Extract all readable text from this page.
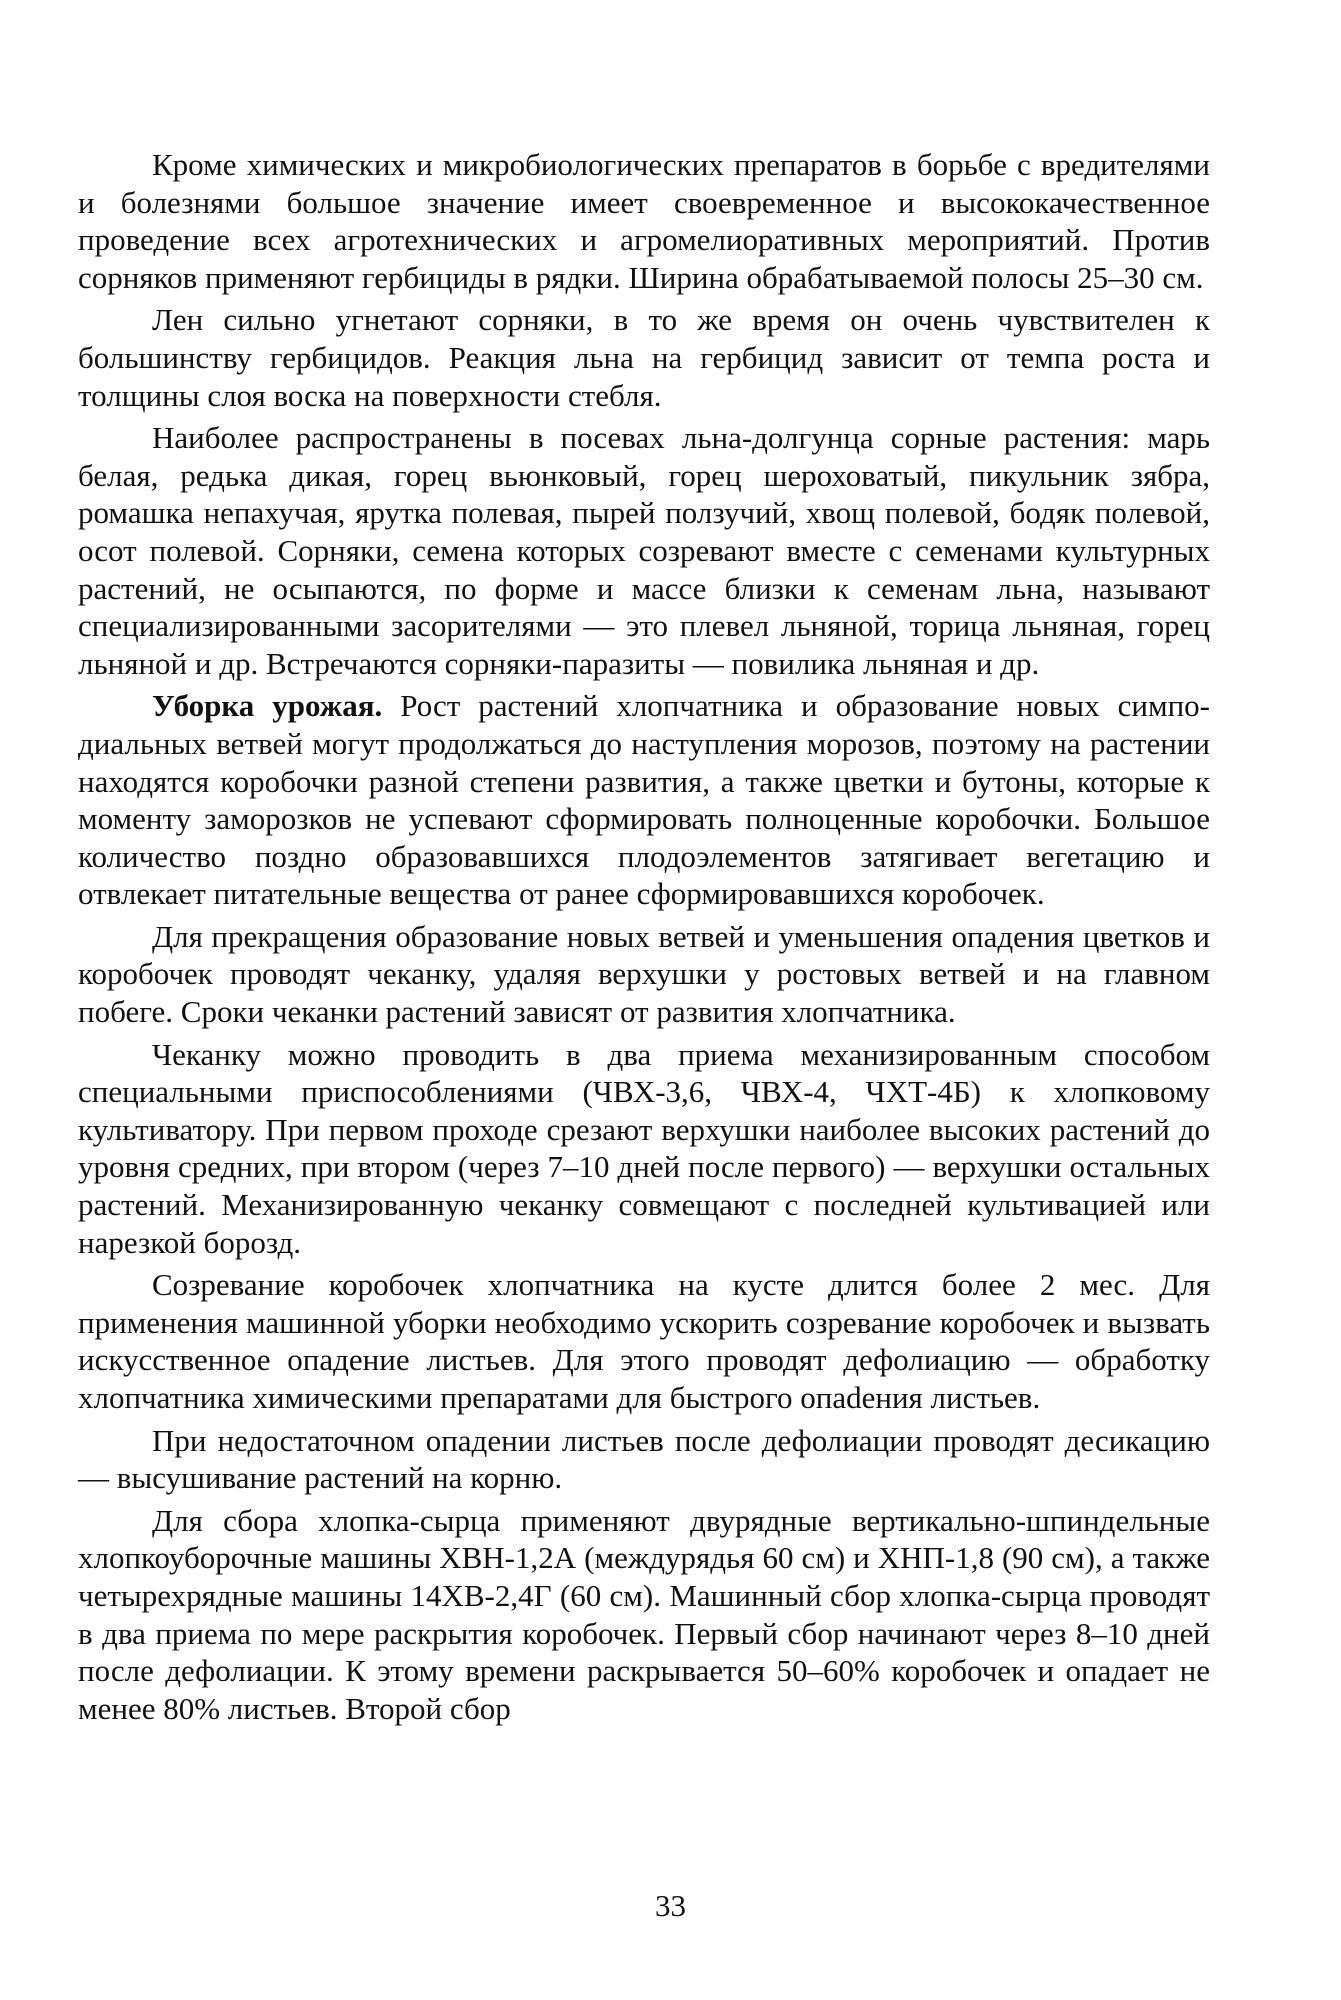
Кроме химических и микробиологических препаратов в борьбе с вредителями и болезнями большое значение имеет своевременное и высококачественное проведение всех агротехнических и агромелиоративных мероприятий. Против сорняков применяют гербициды в рядки. Ширина обрабатываемой полосы 25–30 см.

Лен сильно угнетают сорняки, в то же время он очень чувствителен к большинству гербицидов. Реакция льна на гербицид зависит от темпа роста и толщины слоя воска на поверхности стебля.

Наиболее распространены в посевах льна-долгунца сорные растения: марь белая, редька дикая, горец вьюнковый, горец шероховатый, пикульник зябра, ромашка непахучая, ярутка полевая, пырей ползучий, хвощ полевой, бодяк полевой, осот полевой. Сорняки, семена которых созревают вместе с семенами культурных растений, не осыпаются, по форме и массе близки к семенам льна, называют специализированными засорителями — это плевел льняной, торица льняная, горец льняной и др. Встречаются сорняки-паразиты — повилика льняная и др.

Уборка урожая. Рост растений хлопчатника и образование новых симподиальных ветвей могут продолжаться до наступления морозов, поэтому на растении находятся коробочки разной степени развития, а также цветки и бутоны, которые к моменту заморозков не успевают сформировать полноценные коробочки. Большое количество поздно образовавшихся плодоэлементов затягивает вегетацию и отвлекает питательные вещества от ранее сформировавшихся коробочек.

Для прекращения образование новых ветвей и уменьшения опадения цветков и коробочек проводят чеканку, удаляя верхушки у ростовых ветвей и на главном побеге. Сроки чеканки растений зависят от развития хлопчатника.

Чеканку можно проводить в два приема механизированным способом специальными приспособлениями (ЧВХ-3,6, ЧВХ-4, ЧХТ-4Б) к хлопковому культиватору. При первом проходе срезают верхушки наиболее высоких растений до уровня средних, при втором (через 7–10 дней после первого) — верхушки остальных растений. Механизированную чеканку совмещают с последней культивацией или нарезкой борозд.

Созревание коробочек хлопчатника на кусте длится более 2 мес. Для применения машинной уборки необходимо ускорить созревание коробочек и вызвать искусственное опадение листьев. Для этого проводят дефолиацию — обработку хлопчатника химическими препаратами для быстрого опаdения листьев.

При недостаточном опадении листьев после дефолиации проводят десикацию — высушивание растений на корню.

Для сбора хлопка-сырца применяют двурядные вертикально-шпиндельные хлопкоуборочные машины ХВН-1,2А (междурядья 60 см) и ХНП-1,8 (90 см), а также четырехрядные машины 14ХВ-2,4Г (60 см). Машинный сбор хлопка-сырца проводят в два приема по мере раскрытия коробочек. Первый сбор начинают через 8–10 дней после дефолиации. К этому времени раскрывается 50–60% коробочек и опадает не менее 80% листьев. Второй сбор

33
